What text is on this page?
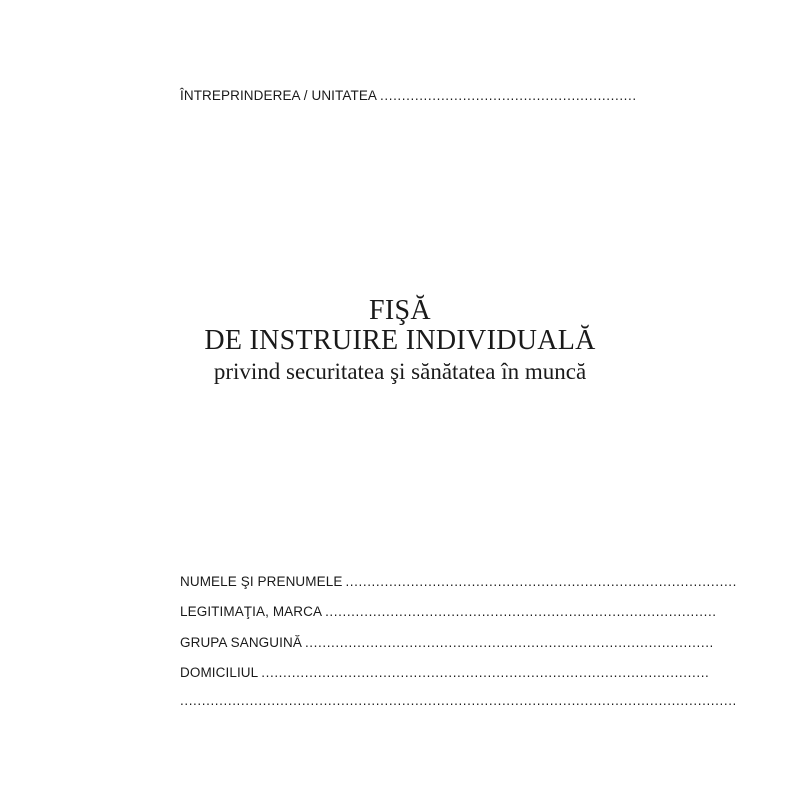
ÎNTREPRINDEREA / UNITATEA ...........................................................
FIŞĂ
DE INSTRUIRE INDIVIDUALĂ
privind securitatea şi sănătatea în muncă
NUMELE ŞI PRENUMELE ..........................................................................................
LEGITIMAŢIA, MARCA ..........................................................................................
GRUPA SANGUINĂ ..............................................................................................
DOMICILIUL .......................................................................................................
................................................................................................................................
